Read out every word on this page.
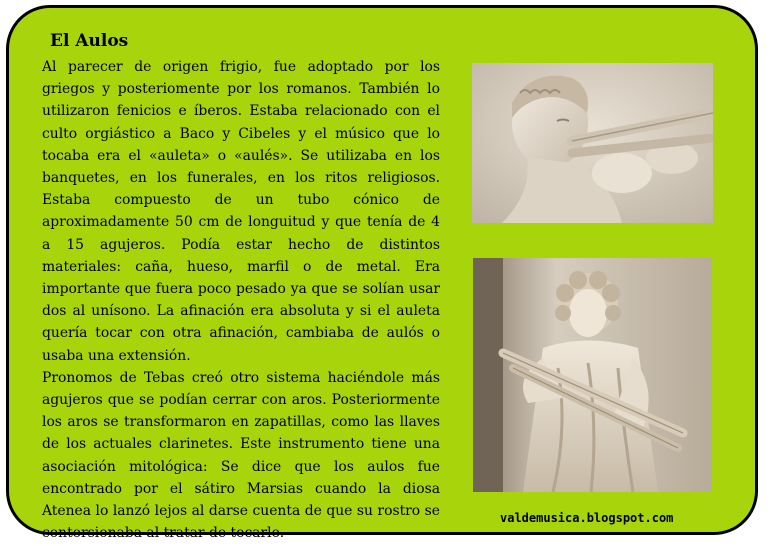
El Aulos

Al parecer de origen frigio, fue adoptado por los griegos y posteriomente por los romanos. También lo utilizaron fenicios e íberos. Estaba relacionado con el culto orgiástico a Baco y Cibeles y el músico que lo tocaba era el «auleta» o «aulés». Se utilizaba en los banquetes, en los funerales, en los ritos religiosos. Estaba compuesto de un tubo cónico de aproximadamente 50 cm de longuitud y que tenía de 4 a 15 agujeros. Podía estar hecho de distintos materiales: caña, hueso, marfil o de metal. Era importante que fuera poco pesado ya que se solían usar dos al unísono. La afinación era absoluta y si el auleta quería tocar con otra afinación, cambiaba de aulós o usaba una extensión.

Pronomos de Tebas creó otro sistema haciéndole más agujeros que se podían cerrar con aros. Posteriormente los aros se transformaron en zapatillas, como las llaves de los actuales clarinetes. Este instrumento tiene una asociación mitológica: Se dice que los aulos fue encontrado por el sátiro Marsias cuando la diosa Atenea lo lanzó lejos al darse cuenta de que su rostro se contorsionaba al tratar de tocarlo.

valdemusica.blogspot.com
